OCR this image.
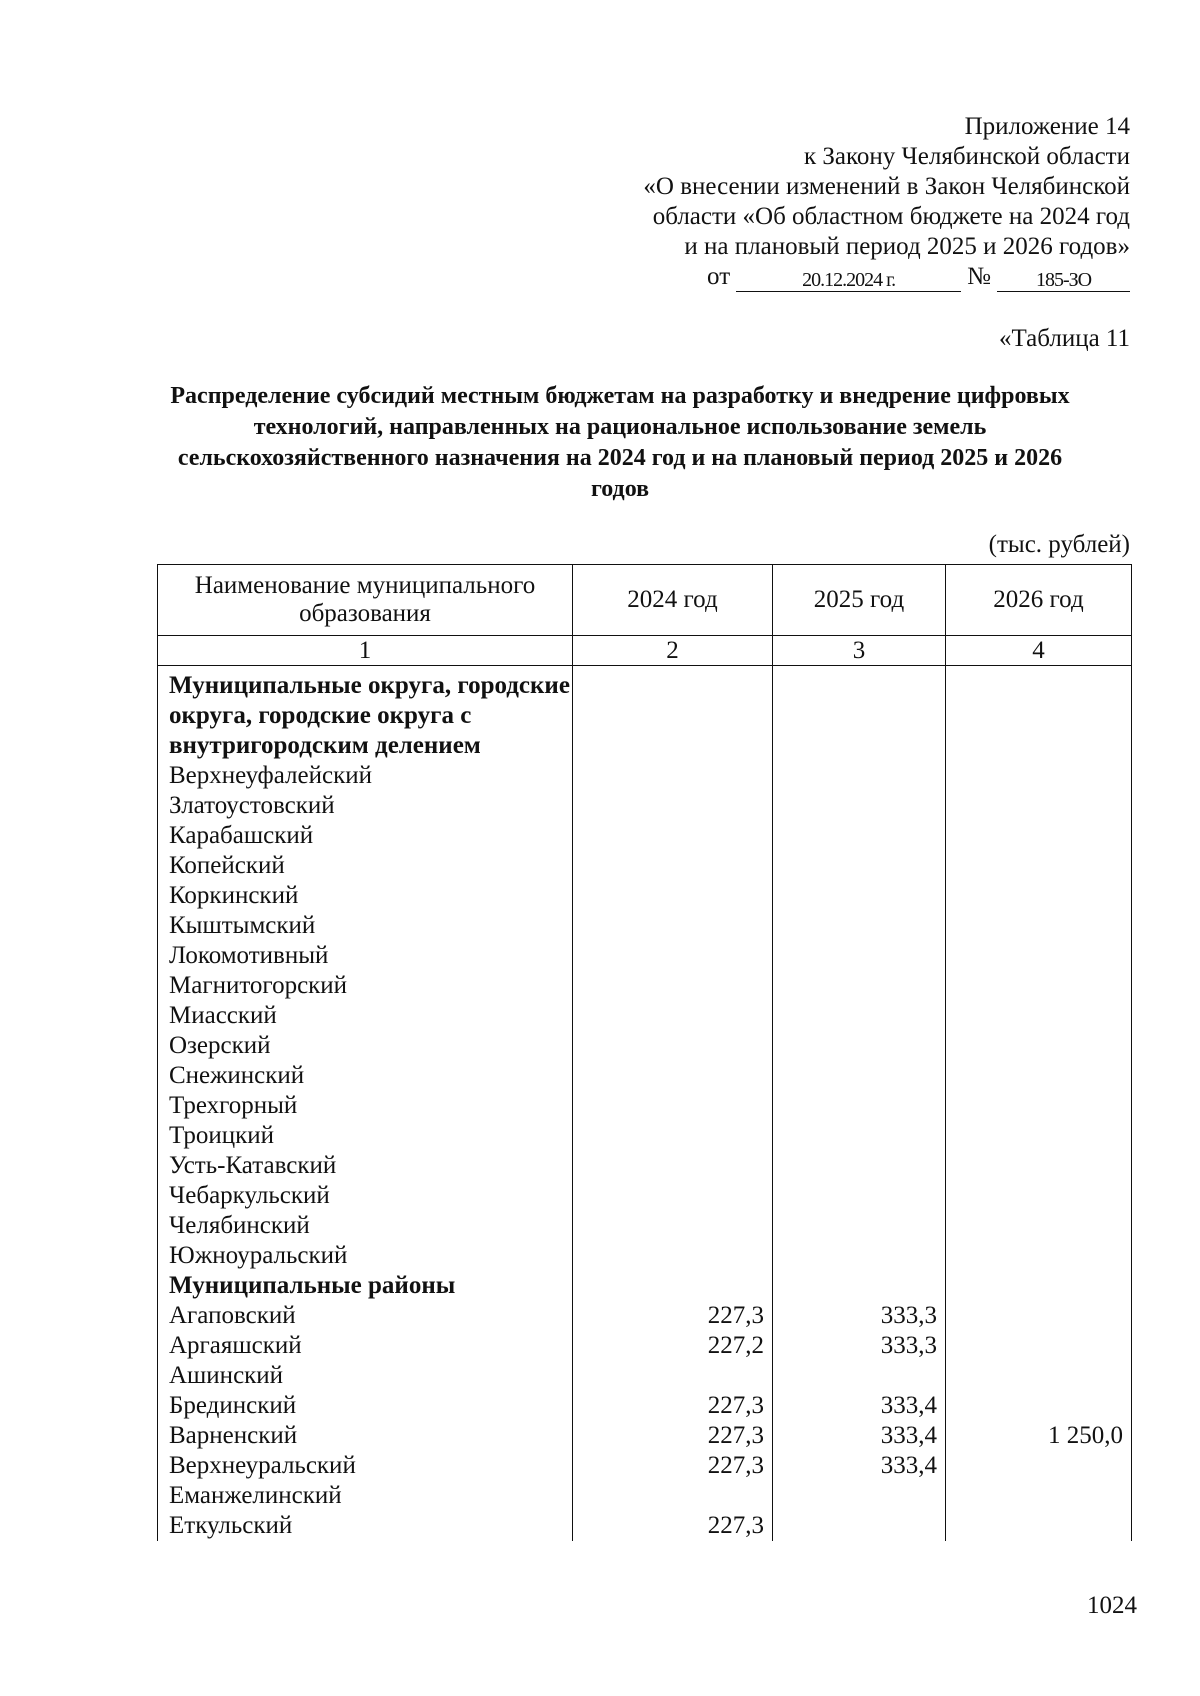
Приложение 14
к Закону Челябинской области
«О внесении изменений в Закон Челябинской
области «Об областном бюджете на 2024 год
и на плановый период 2025 и 2026 годов»
от	20.12.2024 г.	№	185-ЗО
«Таблица 11
Распределение субсидий местным бюджетам на разработку и внедрение цифровых технологий, направленных на рациональное использование земель сельскохозяйственного назначения на 2024 год и на плановый период 2025 и 2026 годов
(тыс. рублей)
Наименование муниципального образования	2024 год	2025 год	2026 год
1	2	3	4
Муниципальные округа, городские округа, городские округа с внутригородским делением			
Верхнеуфалейский			
Златоустовский			
Карабашский			
Копейский			
Коркинский			
Кыштымский			
Локомотивный			
Магнитогорский			
Миасский			
Озерский			
Снежинский			
Трехгорный			
Троицкий			
Усть-Катавский			
Чебаркульский			
Челябинский			
Южноуральский			
Муниципальные районы			
Агаповский	227,3	333,3	
Аргаяшский	227,2	333,3	
Ашинский			
Брединский	227,3	333,4	
Варненский	227,3	333,4	1 250,0
Верхнеуральский	227,3	333,4	
Еманжелинский			
Еткульский	227,3		
1024
